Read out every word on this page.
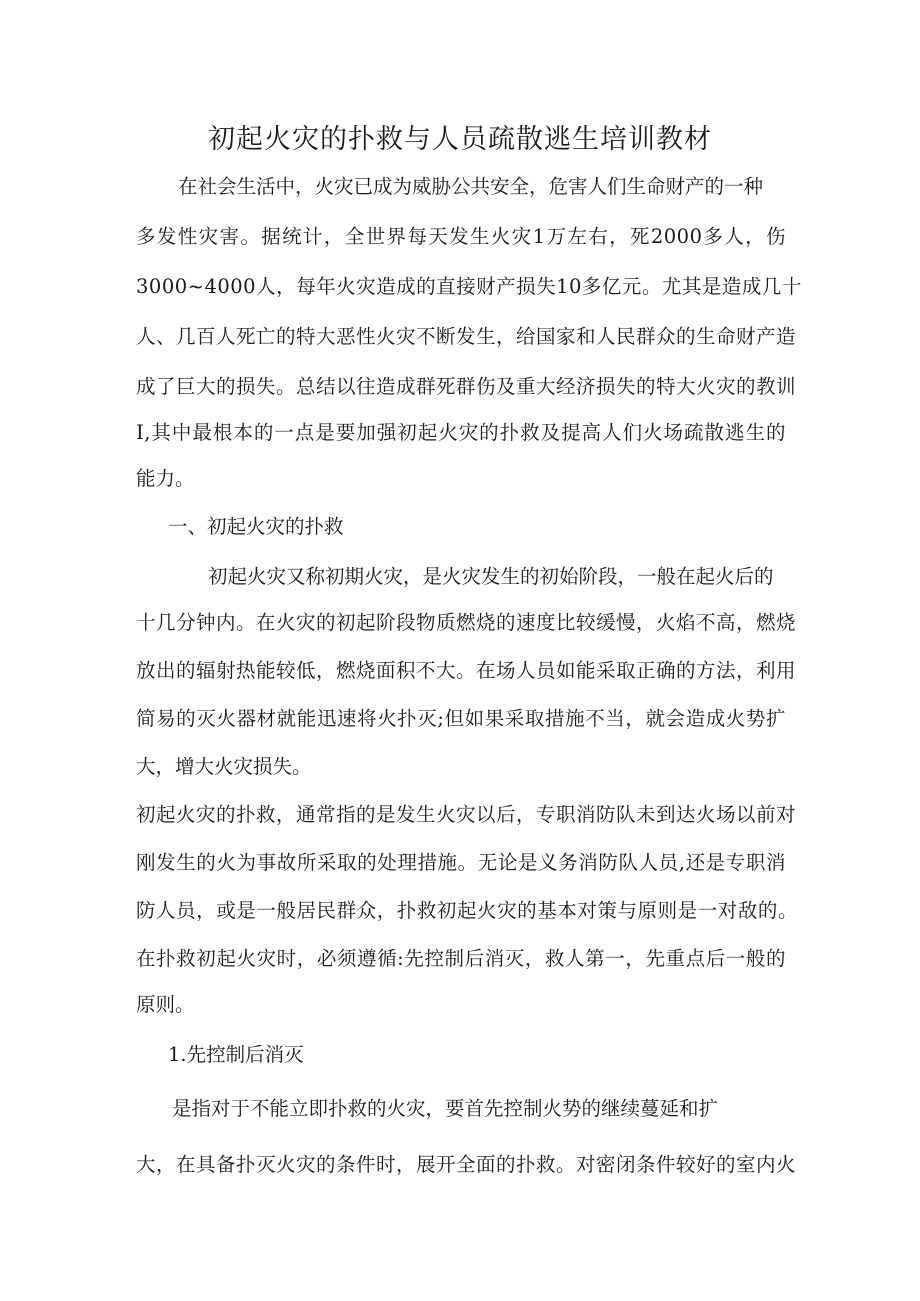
初起火灾的扑救与人员疏散逃生培训教材
在社会生活中，火灾已成为威胁公共安全，危害人们生命财产的一种
多发性灾害。据统计，全世界每天发生火灾1万左右，死2000多人，伤
3000~4000人，每年火灾造成的直接财产损失10多亿元。尤其是造成几十
人、几百人死亡的特大恶性火灾不断发生，给国家和人民群众的生命财产造
成了巨大的损失。总结以往造成群死群伤及重大经济损失的特大火灾的教训
I,其中最根本的一点是要加强初起火灾的扑救及提高人们火场疏散逃生的
能力。
一、初起火灾的扑救
初起火灾又称初期火灾，是火灾发生的初始阶段，一般在起火后的
十几分钟内。在火灾的初起阶段物质燃烧的速度比较缓慢，火焰不高，燃烧
放出的辐射热能较低，燃烧面积不大。在场人员如能采取正确的方法，利用
简易的灭火器材就能迅速将火扑灭;但如果采取措施不当，就会造成火势扩
大，增大火灾损失。
初起火灾的扑救，通常指的是发生火灾以后，专职消防队未到达火场以前对
刚发生的火为事故所采取的处理措施。无论是义务消防队人员,还是专职消
防人员，或是一般居民群众，扑救初起火灾的基本对策与原则是一对敌的。
在扑救初起火灾时，必须遵循:先控制后消灭，救人第一，先重点后一般的
原则。
1.先控制后消灭
是指对于不能立即扑救的火灾，要首先控制火势的继续蔓延和扩
大，在具备扑灭火灾的条件时，展开全面的扑救。对密闭条件较好的室内火
